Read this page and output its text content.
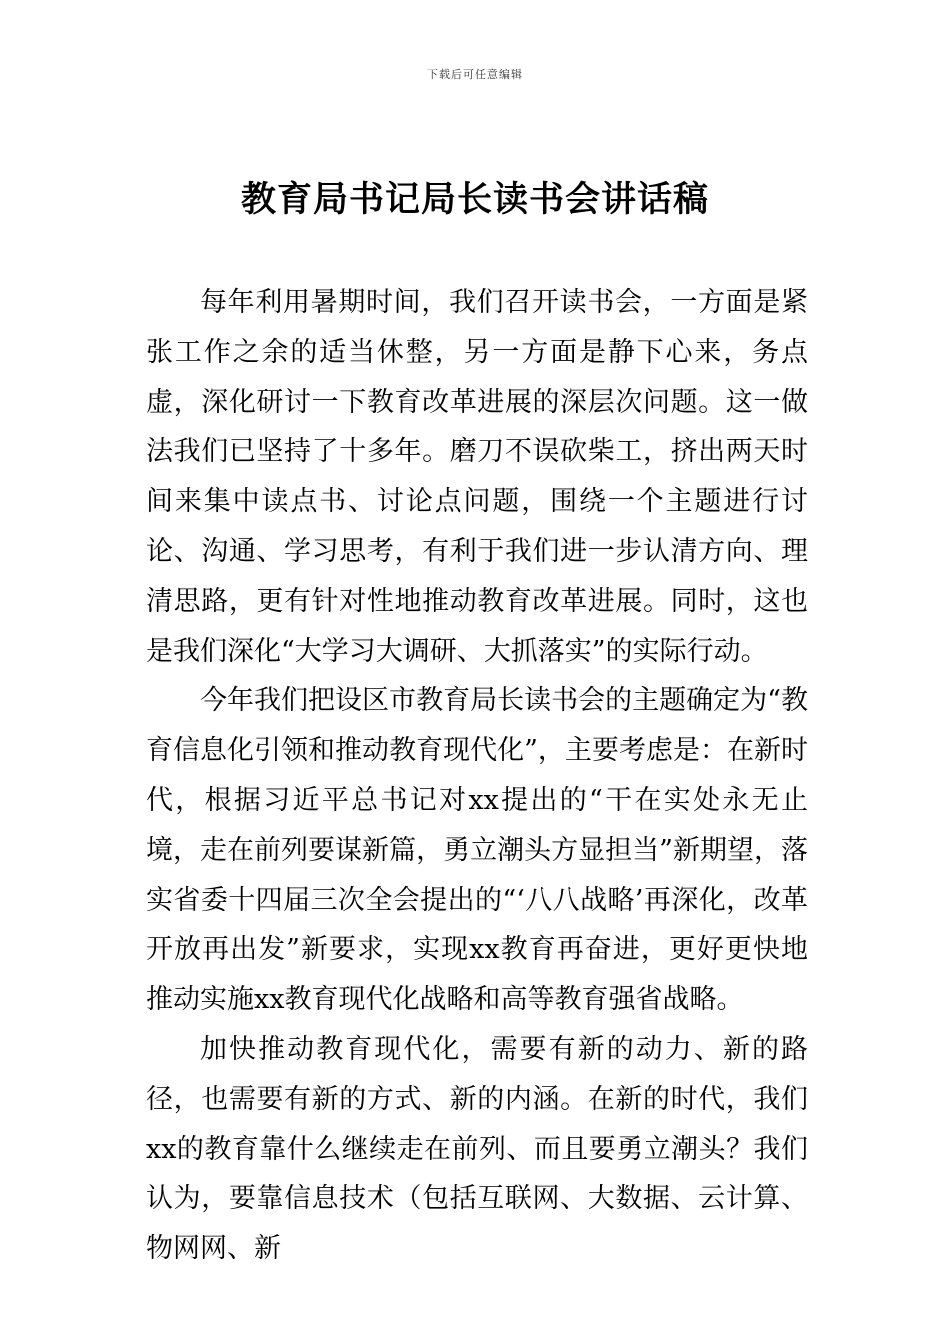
下载后可任意编辑
教育局书记局长读书会讲话稿

每年利用暑期时间，我们召开读书会，一方面是紧张工作之余的适当休整，另一方面是静下心来，务点虚，深化研讨一下教育改革进展的深层次问题。这一做法我们已坚持了十多年。磨刀不误砍柴工，挤出两天时间来集中读点书、讨论点问题，围绕一个主题进行讨论、沟通、学习思考，有利于我们进一步认清方向、理清思路，更有针对性地推动教育改革进展。同时，这也是我们深化“大学习大调研、大抓落实”的实际行动。

今年我们把设区市教育局长读书会的主题确定为“教育信息化引领和推动教育现代化”，主要考虑是：在新时代，根据习近平总书记对xx提出的“干在实处永无止境，走在前列要谋新篇，勇立潮头方显担当”新期望，落实省委十四届三次全会提出的“‘八八战略’再深化，改革开放再出发”新要求，实现xx教育再奋进，更好更快地推动实施xx教育现代化战略和高等教育强省战略。

加快推动教育现代化，需要有新的动力、新的路径，也需要有新的方式、新的内涵。在新的时代，我们xx的教育靠什么继续走在前列、而且要勇立潮头？我们认为，要靠信息技术（包括互联网、大数据、云计算、物网网、新
